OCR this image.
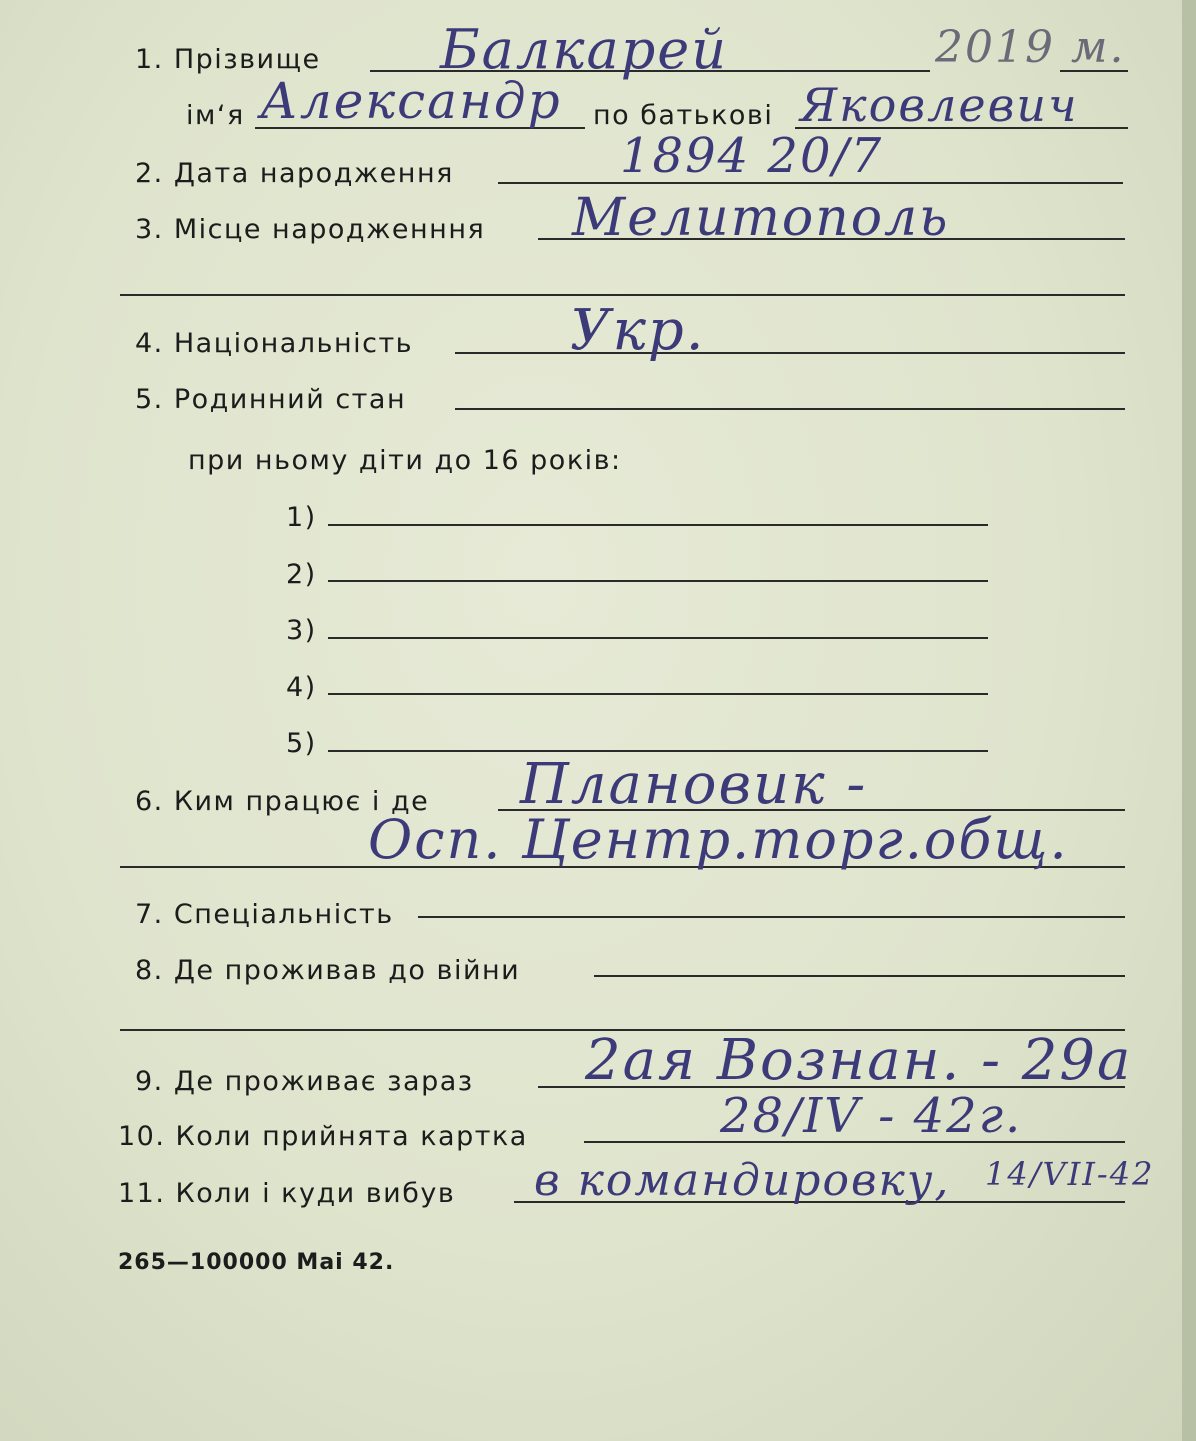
1. Прізвище Балкарей	2019 м.
ім‘я Александр по батькові Яковлевич
2. Дата народження	1894 20/7
3. Місце народженння Мелитополь
4. Національність	Укр.
5. Родинний стан
при ньому діти до 16 років:
1)
2)
3)
4)
5)
6. Ким працює і де Плановик -
Осп. Центр.торг.общ.
7. Спеціальність
8. Де проживав до війни
9. Де проживає зараз 2ая Вознан. - 29а
10. Коли прийнята картка	28/IV - 42г.
11. Коли і куди вибув в командировку, 14/VII-42
265—100000 Mai 42.
